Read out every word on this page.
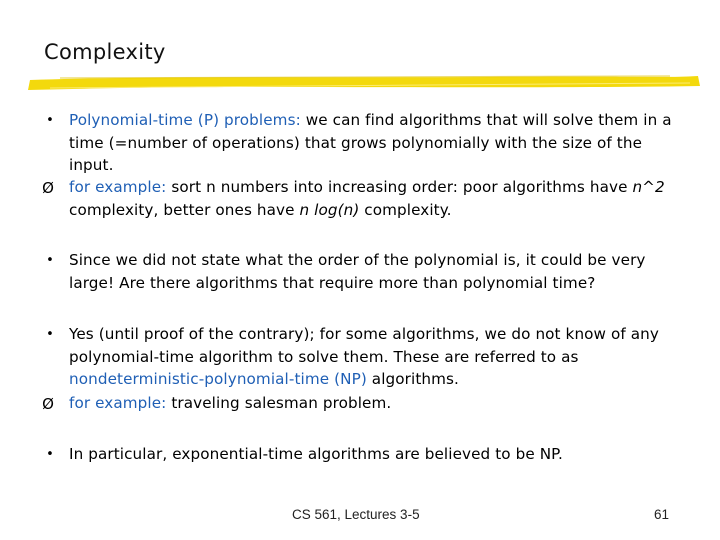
Complexity
• Polynomial-time (P) problems: we can find algorithms that will solve them in a time (=number of operations) that grows polynomially with the size of the input.
Ø for example: sort n numbers into increasing order: poor algorithms have n^2 complexity, better ones have n log(n) complexity.
• Since we did not state what the order of the polynomial is, it could be very large! Are there algorithms that require more than polynomial time?
• Yes (until proof of the contrary); for some algorithms, we do not know of any polynomial-time algorithm to solve them. These are referred to as nondeterministic-polynomial-time (NP) algorithms.
Ø for example: traveling salesman problem.
• In particular, exponential-time algorithms are believed to be NP.
CS 561, Lectures 3-5	61
